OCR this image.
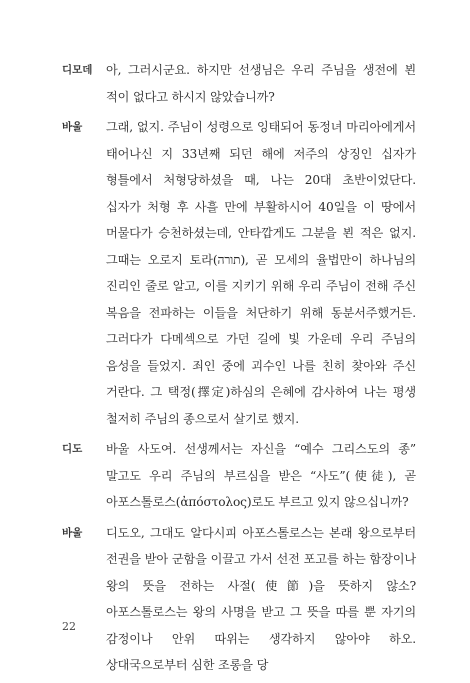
디모데	아, 그러시군요. 하지만 선생님은 우리 주님을 생전에 뵌 적이 없다고 하시지 않았습니까?
바울	그래, 없지. 주님이 성령으로 잉태되어 동정녀 마리아에게서 태어나신 지 33년째 되던 해에 저주의 상징인 십자가 형틀에서 처형당하셨을 때, 나는 20대 초반이었단다. 십자가 처형 후 사흘 만에 부활하시어 40일을 이 땅에서 머물다가 승천하셨는데, 안타깝게도 그분을 뵌 적은 없지. 그때는 오로지 토라(תורה), 곧 모세의 율법만이 하나님의 진리인 줄로 알고, 이를 지키기 위해 우리 주님이 전해 주신 복음을 전파하는 이들을 처단하기 위해 동분서주했거든. 그러다가 다메섹으로 가던 길에 빛 가운데 우리 주님의 음성을 들었지. 죄인 중에 괴수인 나를 친히 찾아와 주신 거란다. 그 택정(擇定)하심의 은혜에 감사하여 나는 평생 철저히 주님의 종으로서 살기로 했지.
디도	바울 사도여. 선생께서는 자신을 “예수 그리스도의 종” 말고도 우리 주님의 부르심을 받은 “사도”(使徒), 곧 아포스톨로스(ἀπόστολος)로도 부르고 있지 않으십니까?
바울	디도오, 그대도 알다시피 아포스톨로스는 본래 왕으로부터 전권을 받아 군함을 이끌고 가서 선전 포고를 하는 함장이나 왕의 뜻을 전하는 사절(使節)을 뜻하지 않소? 아포스톨로스는 왕의 사명을 받고 그 뜻을 따를 뿐 자기의 감정이나 안위 따위는 생각하지 않아야 하오. 상대국으로부터 심한 조롱을 당
22
